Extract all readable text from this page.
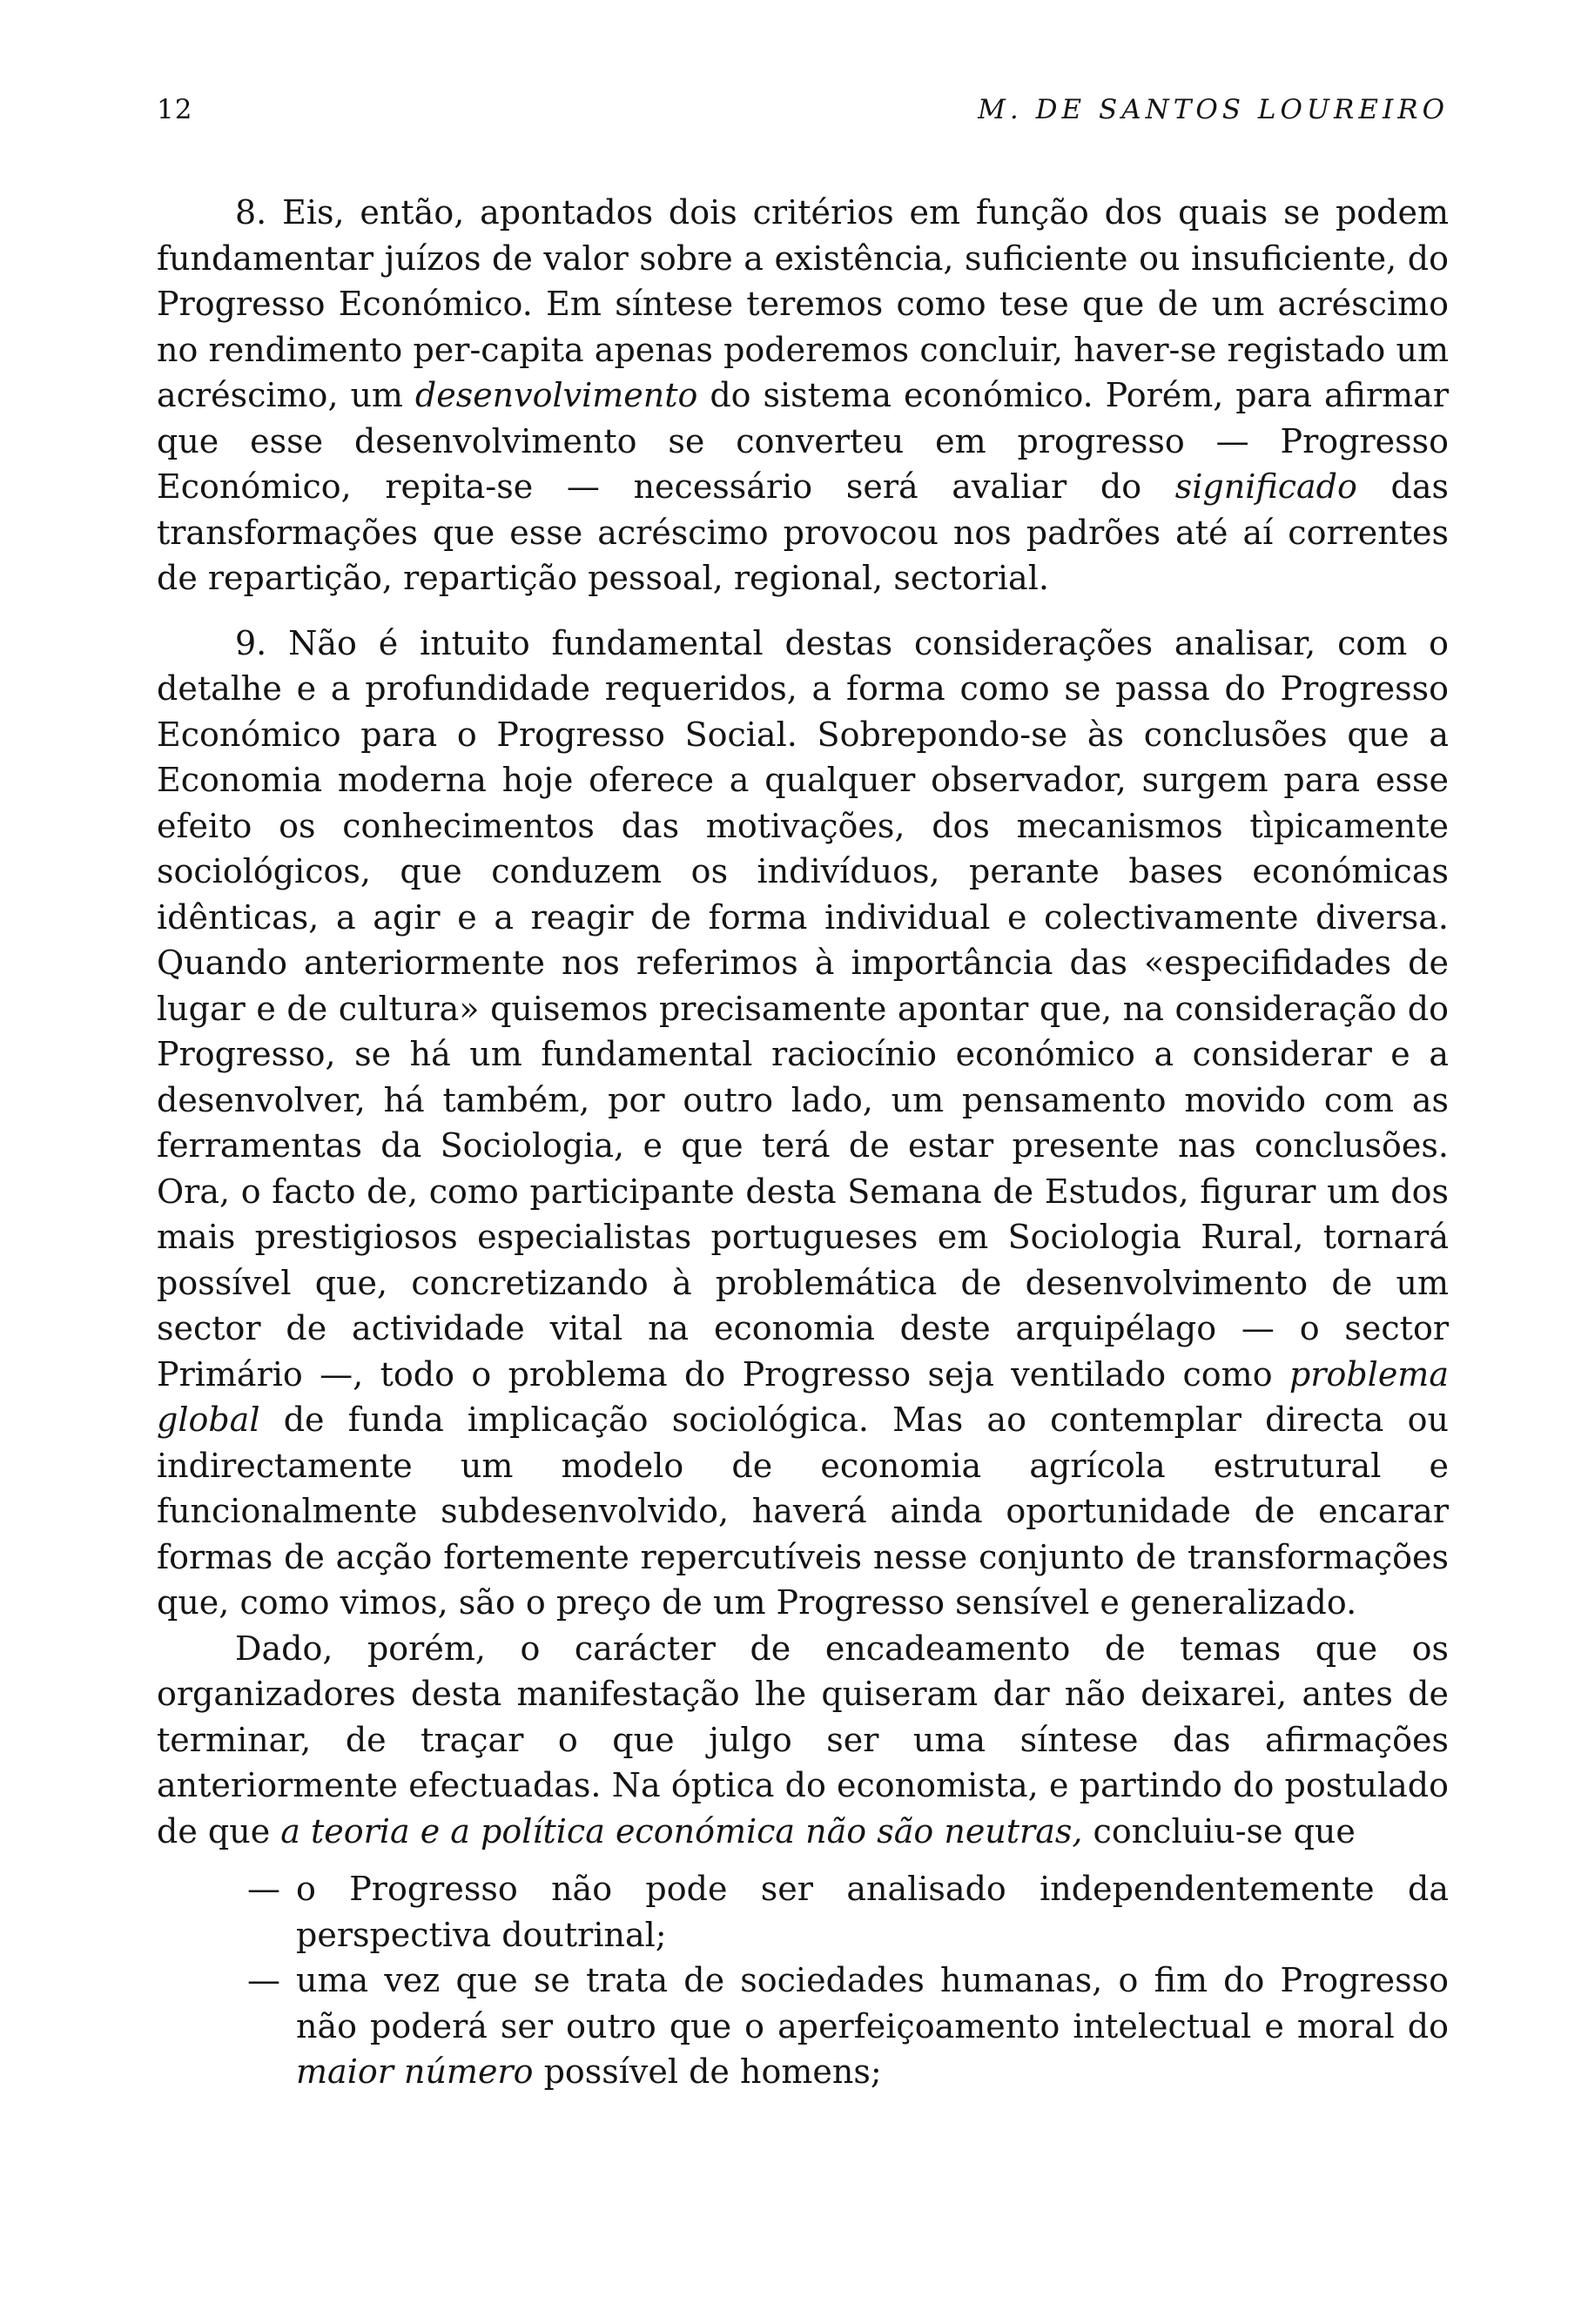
12	M. DE SANTOS LOUREIRO

8. Eis, então, apontados dois critérios em função dos quais se podem fundamentar juízos de valor sobre a existência, suficiente ou insuficiente, do Progresso Económico. Em síntese teremos como tese que de um acréscimo no rendimento per-capita apenas poderemos concluir, haver-se registado um acréscimo, um desenvolvimento do sistema económico. Porém, para afirmar que esse desenvolvimento se converteu em progresso — Progresso Económico, repita-se — necessário será avaliar do significado das transformações que esse acréscimo provocou nos padrões até aí correntes de repartição, repartição pessoal, regional, sectorial.

9. Não é intuito fundamental destas considerações analisar, com o detalhe e a profundidade requeridos, a forma como se passa do Progresso Económico para o Progresso Social. Sobrepondo-se às conclusões que a Economia moderna hoje oferece a qualquer observador, surgem para esse efeito os conhecimentos das motivações, dos mecanismos tìpicamente sociológicos, que conduzem os indivíduos, perante bases económicas idênticas, a agir e a reagir de forma individual e colectivamente diversa. Quando anteriormente nos referimos à importância das «especifidades de lugar e de cultura» quisemos precisamente apontar que, na consideração do Progresso, se há um fundamental raciocínio económico a considerar e a desenvolver, há também, por outro lado, um pensamento movido com as ferramentas da Sociologia, e que terá de estar presente nas conclusões. Ora, o facto de, como participante desta Semana de Estudos, figurar um dos mais prestigiosos especialistas portugueses em Sociologia Rural, tornará possível que, concretizando à problemática de desenvolvimento de um sector de actividade vital na economia deste arquipélago — o sector Primário —, todo o problema do Progresso seja ventilado como problema global de funda implicação sociológica. Mas ao contemplar directa ou indirectamente um modelo de economia agrícola estrutural e funcionalmente subdesenvolvido, haverá ainda oportunidade de encarar formas de acção fortemente repercutíveis nesse conjunto de transformações que, como vimos, são o preço de um Progresso sensível e generalizado.

Dado, porém, o carácter de encadeamento de temas que os organizadores desta manifestação lhe quiseram dar não deixarei, antes de terminar, de traçar o que julgo ser uma síntese das afirmações anteriormente efectuadas. Na óptica do economista, e partindo do postulado de que a teoria e a política económica não são neutras, concluiu-se que

— o Progresso não pode ser analisado independentemente da perspectiva doutrinal;
— uma vez que se trata de sociedades humanas, o fim do Progresso não poderá ser outro que o aperfeiçoamento intelectual e moral do maior número possível de homens;
